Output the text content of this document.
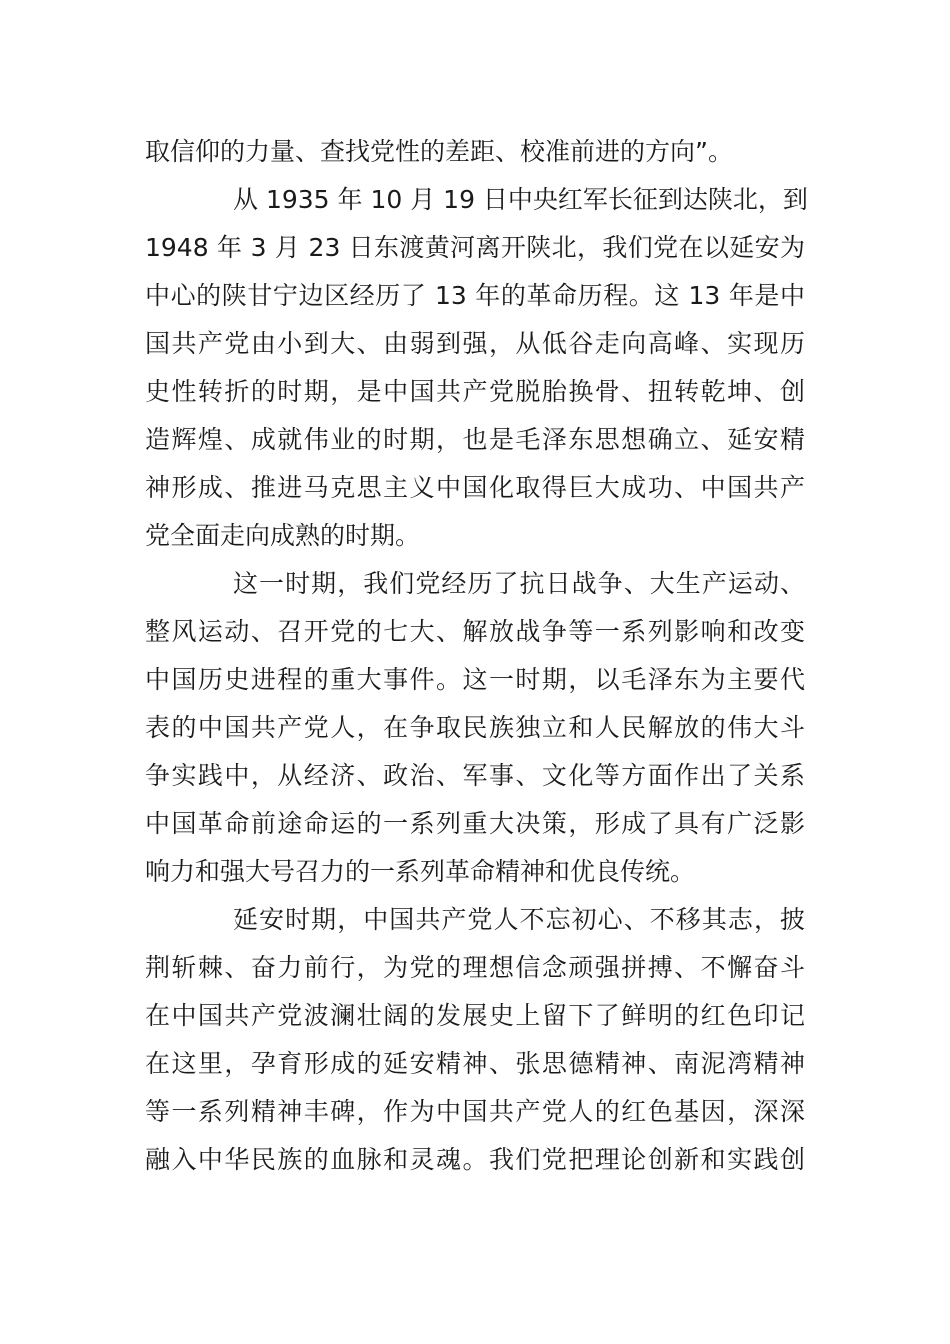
取信仰的力量、查找党性的差距、校准前进的方向”。
从 1935 年 10 月 19 日中央红军长征到达陕北，到
1948 年 3 月 23 日东渡黄河离开陕北，我们党在以延安为
中心的陕甘宁边区经历了 13 年的革命历程。这 13 年是中
国共产党由小到大、由弱到强，从低谷走向高峰、实现历
史性转折的时期，是中国共产党脱胎换骨、扭转乾坤、创
造辉煌、成就伟业的时期，也是毛泽东思想确立、延安精
神形成、推进马克思主义中国化取得巨大成功、中国共产
党全面走向成熟的时期。
这一时期，我们党经历了抗日战争、大生产运动、
整风运动、召开党的七大、解放战争等一系列影响和改变
中国历史进程的重大事件。这一时期，以毛泽东为主要代
表的中国共产党人，在争取民族独立和人民解放的伟大斗
争实践中，从经济、政治、军事、文化等方面作出了关系
中国革命前途命运的一系列重大决策，形成了具有广泛影
响力和强大号召力的一系列革命精神和优良传统。
延安时期，中国共产党人不忘初心、不移其志，披
荆斩棘、奋力前行，为党的理想信念顽强拼搏、不懈奋斗
在中国共产党波澜壮阔的发展史上留下了鲜明的红色印记
在这里，孕育形成的延安精神、张思德精神、南泥湾精神
等一系列精神丰碑，作为中国共产党人的红色基因，深深
融入中华民族的血脉和灵魂。我们党把理论创新和实践创
